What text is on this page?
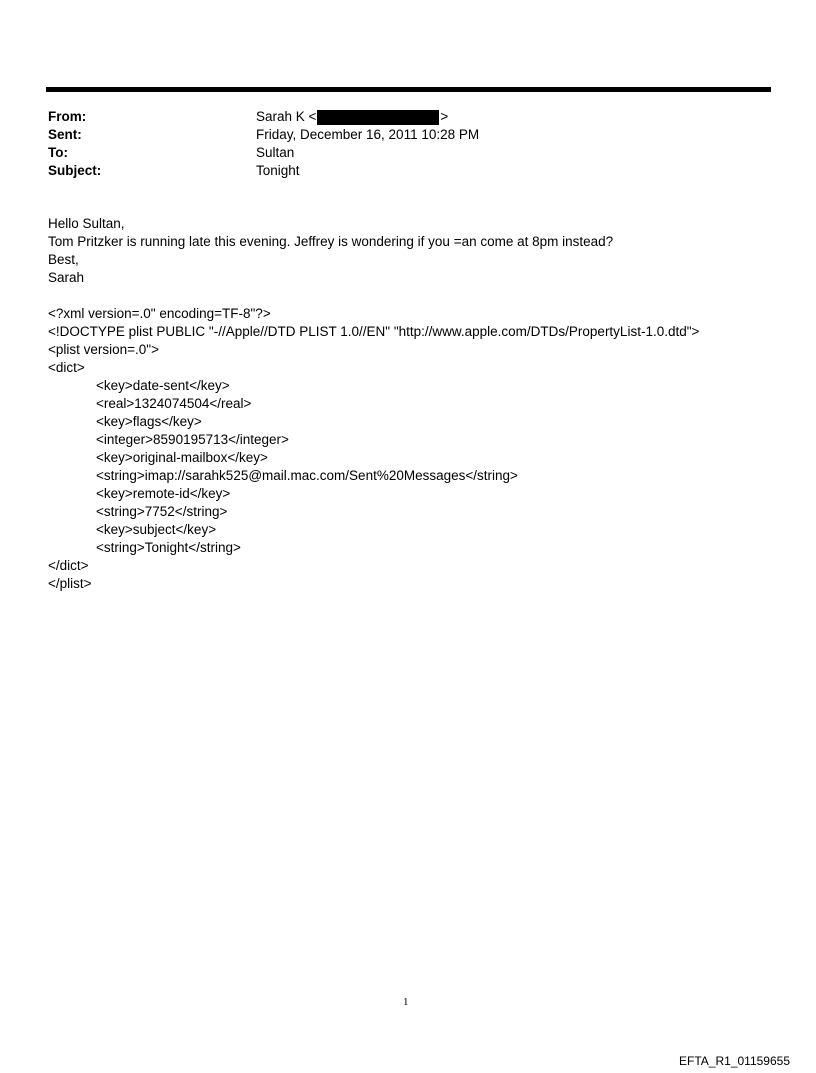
From:	Sarah K <	>
Sent:	Friday, December 16, 2011 10:28 PM
To:	Sultan
Subject:	Tonight
Hello Sultan,
Tom Pritzker is running late this evening. Jeffrey is wondering if you =an come at 8pm instead?
Best,
Sarah
<?xml version=.0" encoding=TF-8"?>
<!DOCTYPE plist PUBLIC "-//Apple//DTD PLIST 1.0//EN" "http://www.apple.com/DTDs/PropertyList-1.0.dtd">
<plist version=.0">
<dict>
<key>date-sent</key>
<real>1324074504</real>
<key>flags</key>
<integer>8590195713</integer>
<key>original-mailbox</key>
<string>imap://sarahk525@mail.mac.com/Sent%20Messages</string>
<key>remote-id</key>
<string>7752</string>
<key>subject</key>
<string>Tonight</string>
</dict>
</plist>
1
EFTA_R1_01159655
